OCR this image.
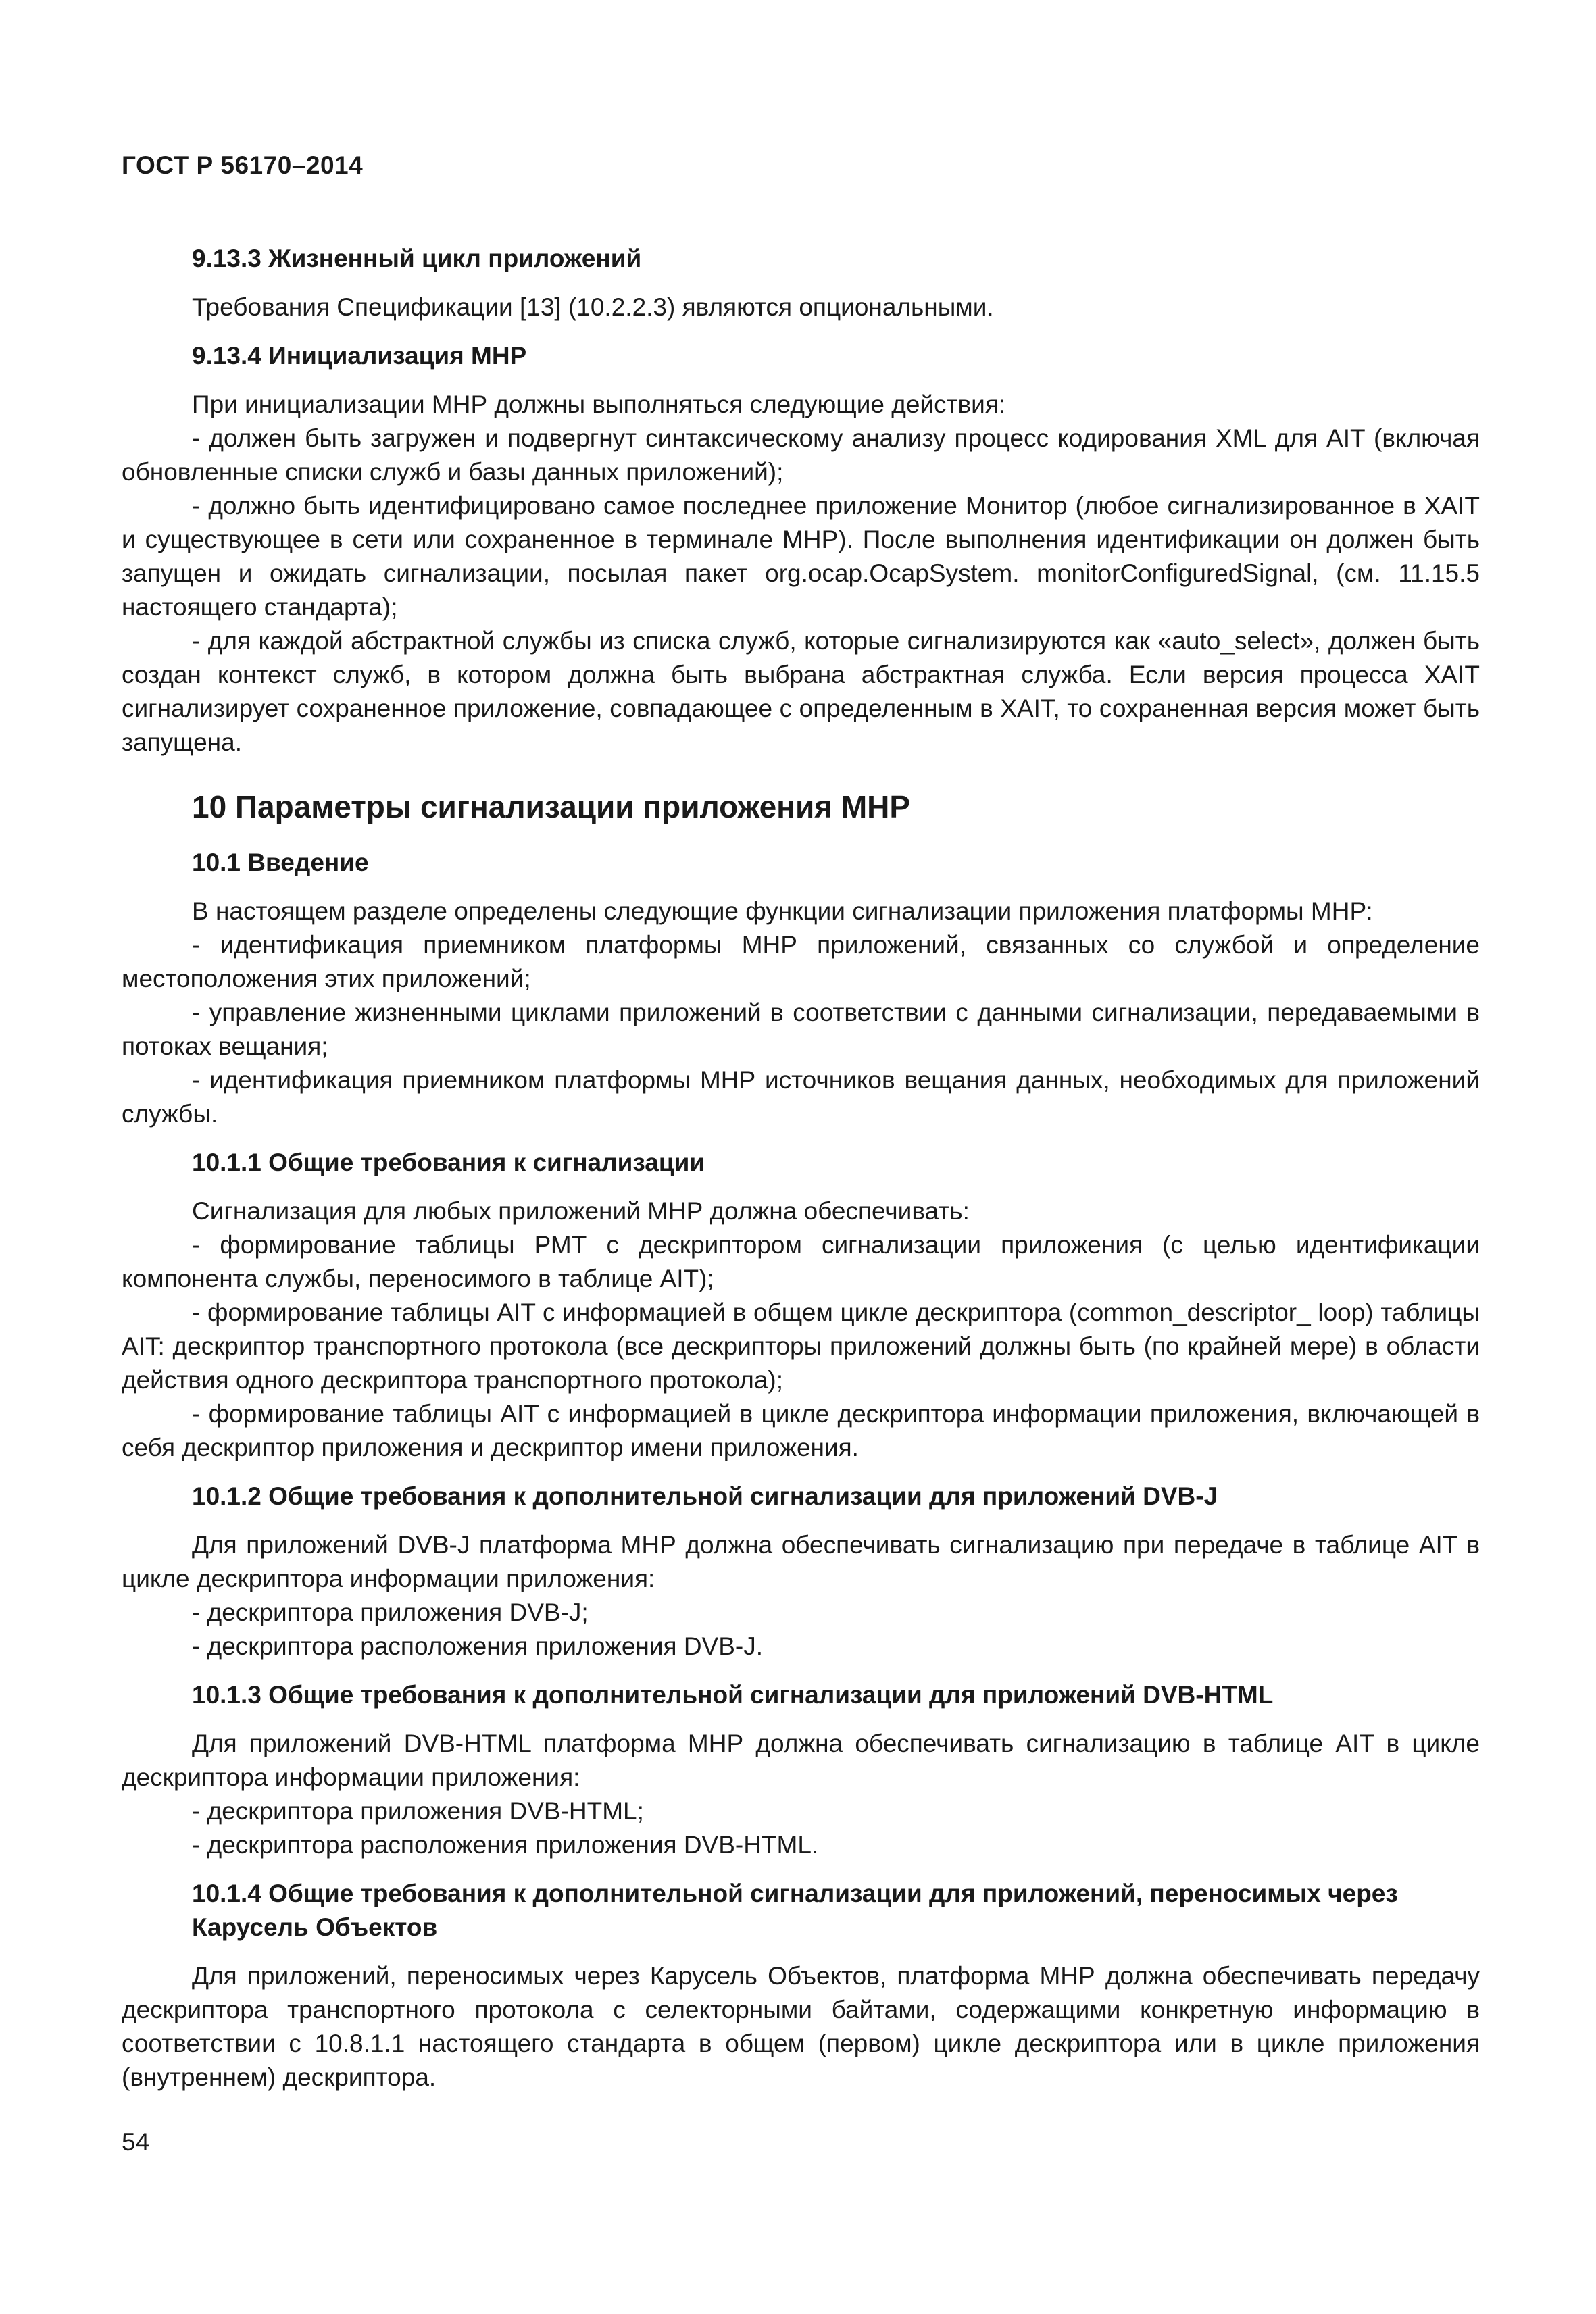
ГОСТ Р 56170–2014

9.13.3 Жизненный цикл приложений

Требования Спецификации [13] (10.2.2.3) являются опциональными.

9.13.4 Инициализация МНР

При инициализации МНР должны выполняться следующие действия:

- должен быть загружен и подвергнут синтаксическому анализу процесс кодирования XML для AIT (включая обновленные списки служб и базы данных приложений);

- должно быть идентифицировано самое последнее приложение Монитор (любое сигнализированное в XAIT и существующее в сети или сохраненное в терминале МНР). После выполнения идентификации он должен быть запущен и ожидать сигнализации, посылая пакет org.ocap.OcapSystem. monitorConfiguredSignal, (см. 11.15.5 настоящего стандарта);

- для каждой абстрактной службы из списка служб, которые сигнализируются как «auto_select», должен быть создан контекст служб, в котором должна быть выбрана абстрактная служба. Если версия процесса XAIT сигнализирует сохраненное приложение, совпадающее с определенным в XAIT, то сохраненная версия может быть запущена.

10 Параметры сигнализации приложения МНР

10.1 Введение

В настоящем разделе определены следующие функции сигнализации приложения платформы МНР:

- идентификация приемником платформы МНР приложений, связанных со службой и определение местоположения этих приложений;

- управление жизненными циклами приложений в соответствии с данными сигнализации, передаваемыми в потоках вещания;

- идентификация приемником платформы МНР источников вещания данных, необходимых для приложений службы.

10.1.1 Общие требования к сигнализации

Сигнализация для любых приложений МНР должна обеспечивать:

- формирование таблицы РМТ с дескриптором сигнализации приложения (с целью идентификации компонента службы, переносимого в таблице AIT);

- формирование таблицы AIT с информацией в общем цикле дескриптора (common_descriptor_ loop) таблицы AIT: дескриптор транспортного протокола (все дескрипторы приложений должны быть (по крайней мере) в области действия одного дескриптора транспортного протокола);

- формирование таблицы AIT с информацией в цикле дескриптора информации приложения, включающей в себя дескриптор приложения и дескриптор имени приложения.

10.1.2 Общие требования к дополнительной сигнализации для приложений DVB-J

Для приложений DVB-J платформа МНР должна обеспечивать сигнализацию при передаче в таблице AIT в цикле дескриптора информации приложения:

- дескриптора приложения DVB-J;

- дескриптора расположения приложения DVB-J.

10.1.3 Общие требования к дополнительной сигнализации для приложений DVB-HTML

Для приложений DVB-HTML платформа МНР должна обеспечивать сигнализацию в таблице AIT в цикле дескриптора информации приложения:

- дескриптора приложения DVB-HTML;

- дескриптора расположения приложения DVB-HTML.

10.1.4 Общие требования к дополнительной сигнализации для приложений, переносимых через Карусель Объектов

Для приложений, переносимых через Карусель Объектов, платформа МНР должна обеспечивать передачу дескриптора транспортного протокола с селекторными байтами, содержащими конкретную информацию в соответствии с 10.8.1.1 настоящего стандарта в общем (первом) цикле дескриптора или в цикле приложения (внутреннем) дескриптора.

54
